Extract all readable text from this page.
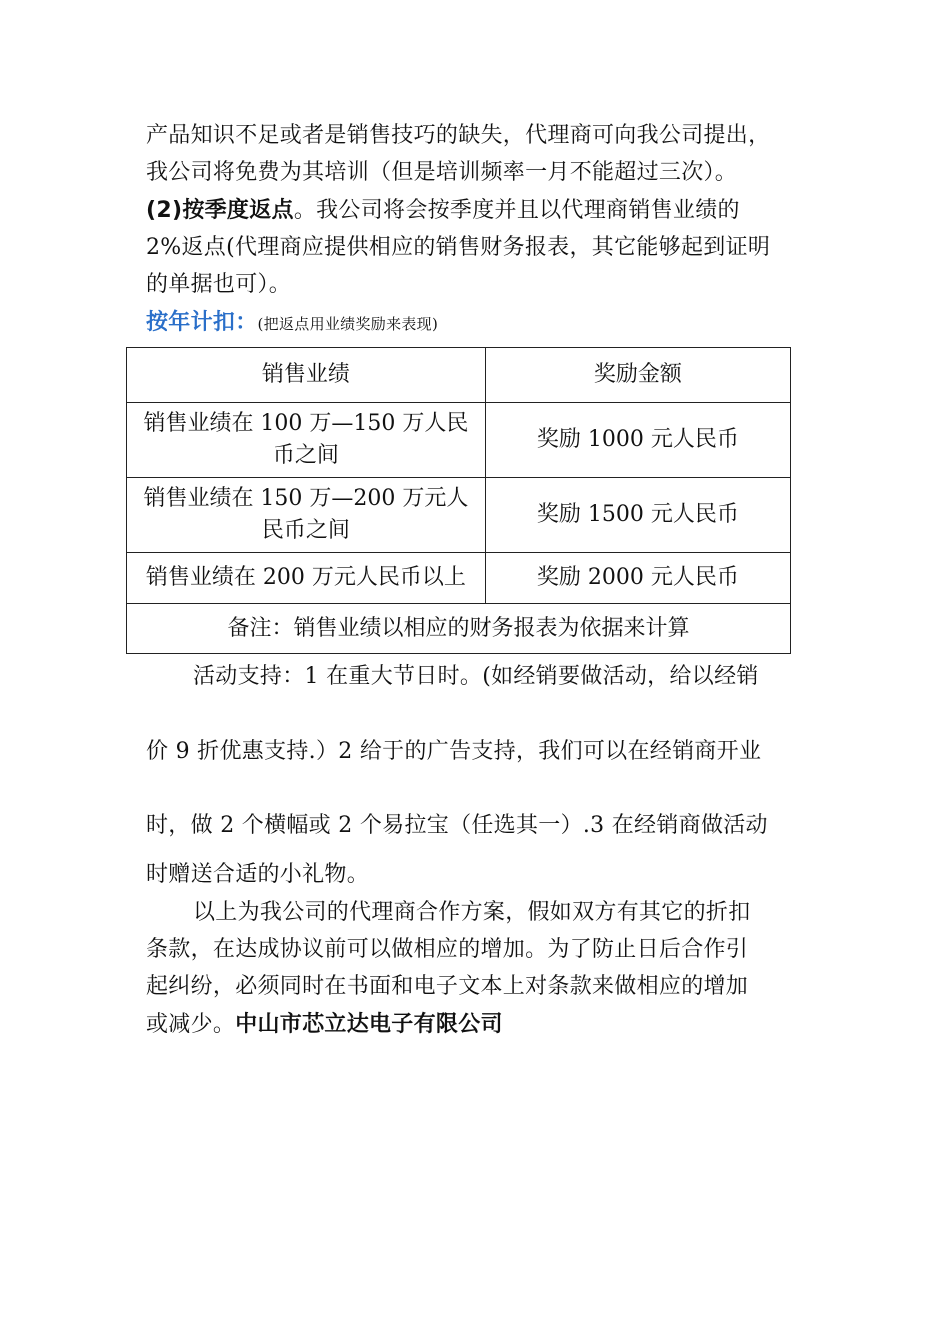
产品知识不足或者是销售技巧的缺失，代理商可向我公司提出，
我公司将免费为其培训（但是培训频率一月不能超过三次）。
(2)按季度返点。我公司将会按季度并且以代理商销售业绩的
2%返点(代理商应提供相应的销售财务报表，其它能够起到证明
的单据也可）。
按年计扣：(把返点用业绩奖励来表现)
销售业绩	奖励金额
销售业绩在 100 万—150 万人民币之间	奖励 1000 元人民币
销售业绩在 150 万—200 万元人民币之间	奖励 1500 元人民币
销售业绩在 200 万元人民币以上	奖励 2000 元人民币
备注：销售业绩以相应的财务报表为依据来计算	
活动支持：1 在重大节日时。(如经销要做活动，给以经销
价 9 折优惠支持.）2 给于的广告支持，我们可以在经销商开业
时，做 2 个横幅或 2 个易拉宝（任选其一）.3 在经销商做活动
时赠送合适的小礼物。
以上为我公司的代理商合作方案，假如双方有其它的折扣
条款，在达成协议前可以做相应的增加。为了防止日后合作引
起纠纷，必须同时在书面和电子文本上对条款来做相应的增加
或减少。中山市芯立达电子有限公司
